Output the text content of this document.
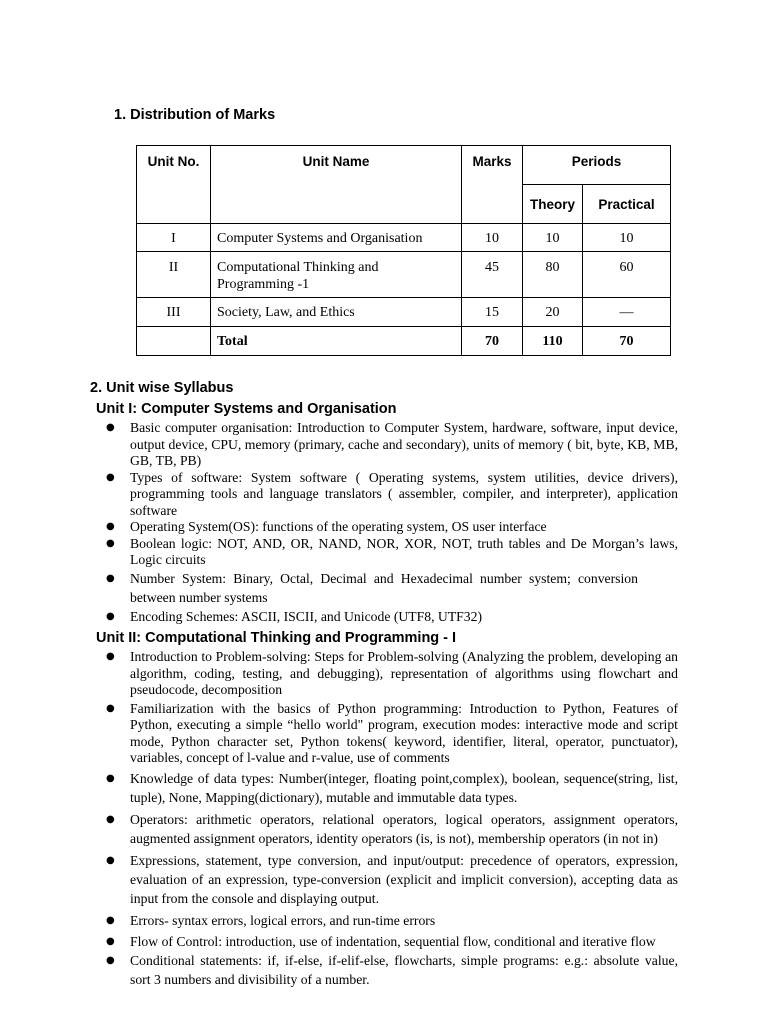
1. Distribution of Marks
Unit No.	Unit Name	Marks	Periods	
			Theory	Practical
I	Computer Systems and Organisation	10	10	10
II	Computational Thinking and Programming -1	45	80	60
III	Society, Law, and Ethics	15	20	—
	Total	70	110	70
2. Unit wise Syllabus
Unit I: Computer Systems and Organisation
● Basic computer organisation: Introduction to Computer System, hardware, software, input device, output device, CPU, memory (primary, cache and secondary), units of memory ( bit, byte, KB, MB, GB, TB, PB)
● Types of software: System software ( Operating systems, system utilities, device drivers), programming tools and language translators ( assembler, compiler, and interpreter), application software
● Operating System(OS): functions of the operating system, OS user interface
● Boolean logic: NOT, AND, OR, NAND, NOR, XOR, NOT, truth tables and De Morgan’s laws, Logic circuits
● Number System: Binary, Octal, Decimal and Hexadecimal number system; conversion between number systems
● Encoding Schemes: ASCII, ISCII, and Unicode (UTF8, UTF32)
Unit II: Computational Thinking and Programming - I
● Introduction to Problem-solving: Steps for Problem-solving (Analyzing the problem, developing an algorithm, coding, testing, and debugging), representation of algorithms using flowchart and pseudocode, decomposition
● Familiarization with the basics of Python programming: Introduction to Python, Features of Python, executing a simple “hello world" program, execution modes: interactive mode and script mode, Python character set, Python tokens( keyword, identifier, literal, operator, punctuator), variables, concept of l-value and r-value, use of comments
● Knowledge of data types: Number(integer, floating point,complex), boolean, sequence(string, list, tuple), None, Mapping(dictionary), mutable and immutable data types.
● Operators: arithmetic operators, relational operators, logical operators, assignment operators, augmented assignment operators, identity operators (is, is not), membership operators (in not in)
● Expressions, statement, type conversion, and input/output: precedence of operators, expression, evaluation of an expression, type-conversion (explicit and implicit conversion), accepting data as input from the console and displaying output.
● Errors- syntax errors, logical errors, and run-time errors
● Flow of Control: introduction, use of indentation, sequential flow, conditional and iterative flow
● Conditional statements: if, if-else, if-elif-else, flowcharts, simple programs: e.g.: absolute value, sort 3 numbers and divisibility of a number.
